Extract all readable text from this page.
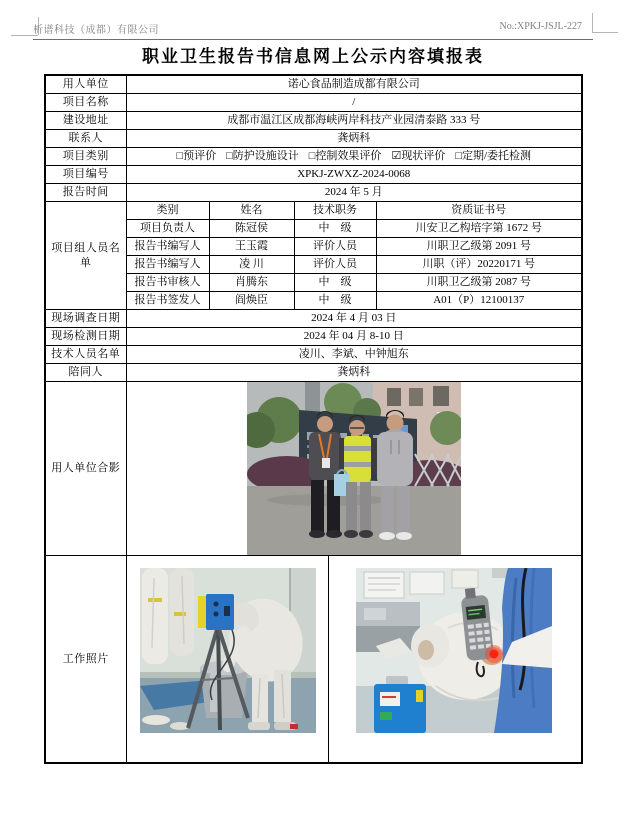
析谱科技（成都）有限公司	No.:XPKJ-JSJL-227
职业卫生报告书信息网上公示内容填报表
用人单位	诺心食品制造成都有限公司			
项目名称	/			
建设地址	成都市温江区成都海峡两岸科技产业园清泰路 333 号			
联系人	龚炳科			
项目类别	□预评价 □防护设施设计 □控制效果评价 ☑现状评价 □定期/委托检测			
项目编号	XPKJ-ZWXZ-2024-0068			
报告时间	2024 年 5 月			
项目组人员名单	类别	姓名	技术职务	资质证书号
	项目负责人	陈冠侯	中　级	川安卫乙构培字第 1672 号
	报告书编写人	王玉霞	评价人员	川职卫乙级第 2091 号
	报告书编写人	凌 川	评价人员	川职（评）20220171 号
	报告书审核人	肖腾东	中　级	川职卫乙级第 2087 号
	报告书签发人	阎焕臣	中　级	A01（P）12100137
现场调查日期	2024 年 4 月 03 日			
现场检测日期	2024 年 04 月 8-10 日			
技术人员名单	凌川、李斌、中钟旭东			
陪同人	龚炳科			
用人单位合影	

工作照片	
